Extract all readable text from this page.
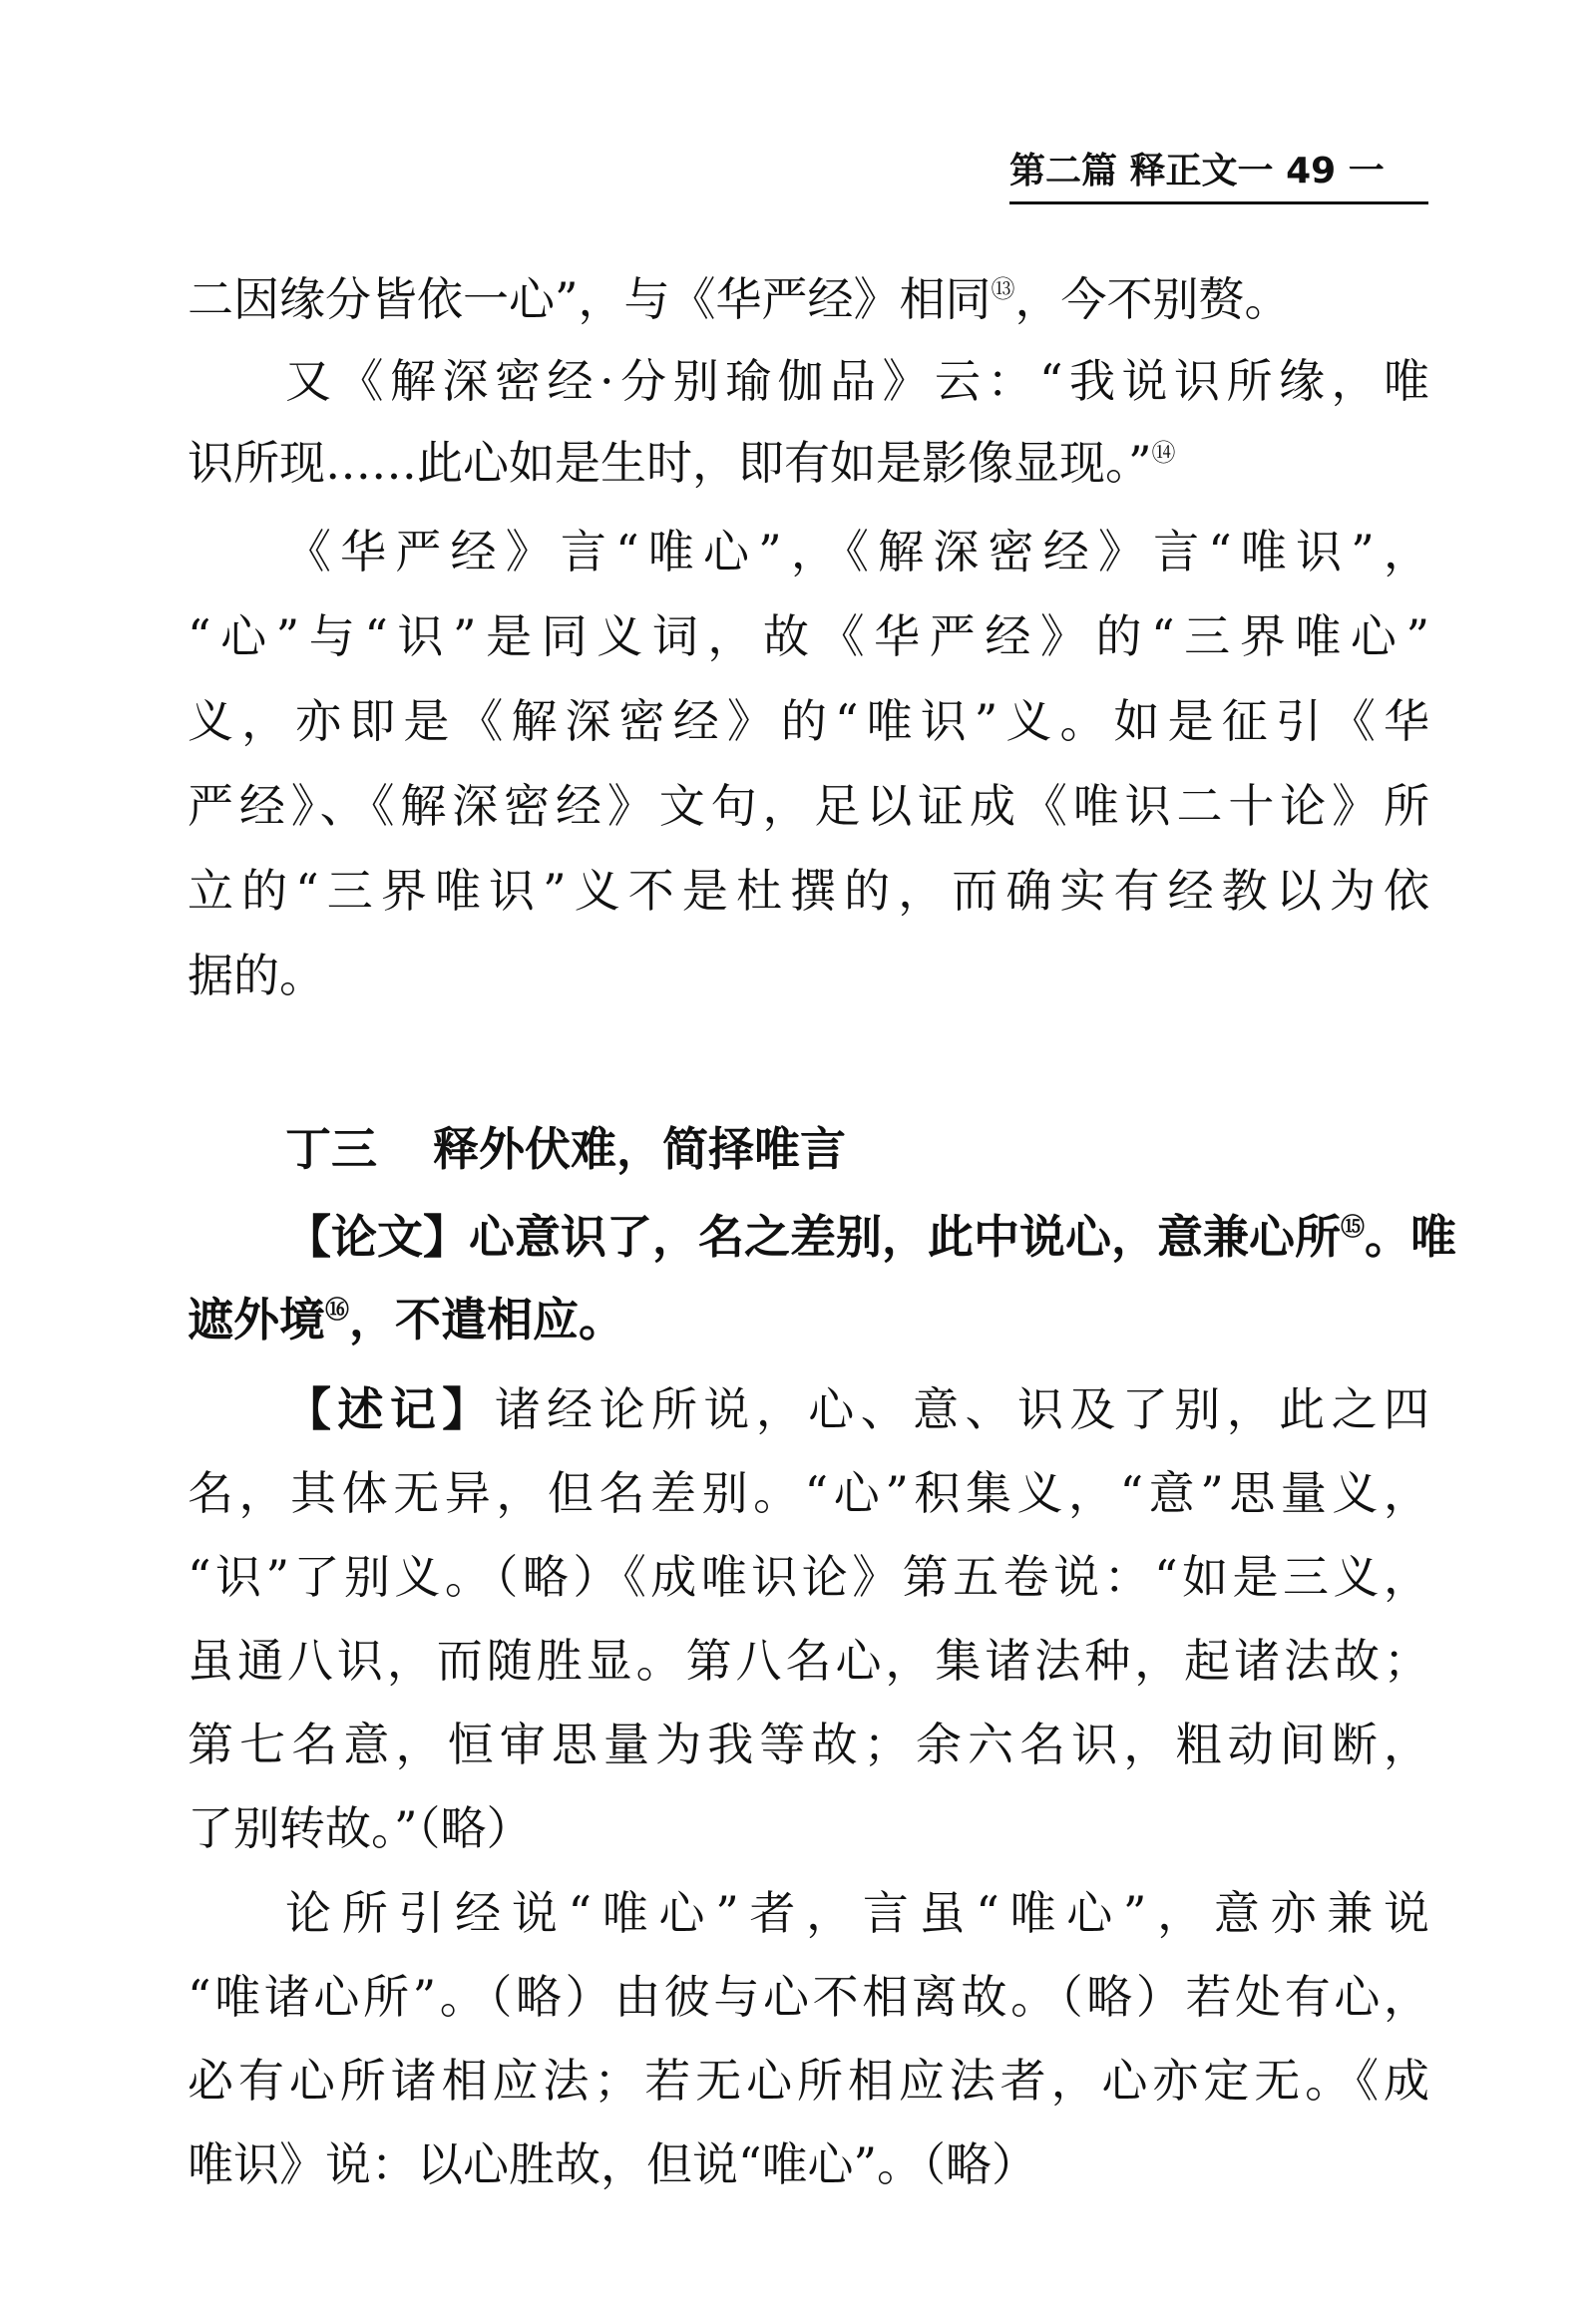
第二篇 释正文一 49 一
二因缘分皆依一心”，与《华严经》相同⑬，今不别赘。
又《解深密经·分别瑜伽品》云：“我说识所缘，唯
识所现……此心如是生时，即有如是影像显现。”⑭
《华严经》言“唯心”，《解深密经》言“唯识”，
“心”与“识”是同义词，故《华严经》的“三界唯心”
义，亦即是《解深密经》的“唯识”义。如是征引《华
严经》、《解深密经》文句，足以证成《唯识二十论》所
立的“三界唯识”义不是杜撰的，而确实有经教以为依
据的。
丁三 释外伏难，简择唯言
【论文】心意识了，名之差别，此中说心，意兼心所⑮。唯
遮外境⑯，不遣相应。
【述记】诸经论所说，心、意、识及了别，此之四
名，其体无异，但名差别。“心”积集义，“意”思量义，
“识”了别义。（略）《成唯识论》第五卷说：“如是三义，
虽通八识，而随胜显。第八名心，集诸法种，起诸法故；
第七名意，恒审思量为我等故；余六名识，粗动间断，
了别转故。”（略）
论所引经说“唯心”者，言虽“唯心”，意亦兼说
“唯诸心所”。（略）由彼与心不相离故。（略）若处有心，
必有心所诸相应法；若无心所相应法者，心亦定无。《成
唯识》说：以心胜故，但说“唯心”。（略）
